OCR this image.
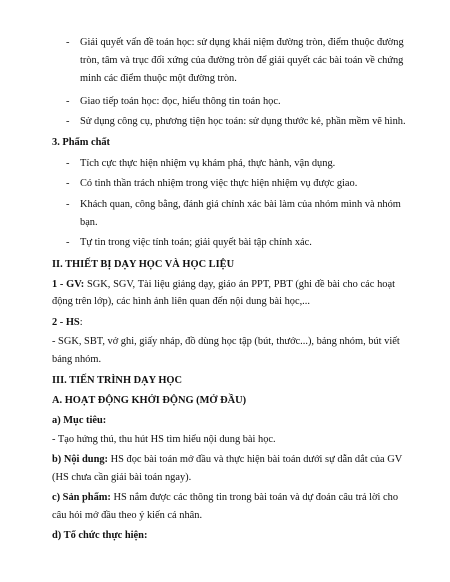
- Giải quyết vấn đề toán học: sử dụng khái niệm đường tròn, điểm thuộc đường
tròn, tâm và trục đối xứng của đường tròn để giải quyết các bài toán về chứng
minh các điểm thuộc một đường tròn.
- Giao tiếp toán học: đọc, hiểu thông tin toán học.
- Sử dụng công cụ, phương tiện học toán: sử dụng thước kẻ, phần mềm vẽ hình.
3. Phẩm chất
- Tích cực thực hiện nhiệm vụ khám phá, thực hành, vận dụng.
- Có tinh thần trách nhiệm trong việc thực hiện nhiệm vụ được giao.
- Khách quan, công bằng, đánh giá chính xác bài làm của nhóm mình và nhóm
bạn.
- Tự tin trong việc tính toán; giải quyết bài tập chính xác.
II. THIẾT BỊ DẠY HỌC VÀ HỌC LIỆU
1 - GV: SGK, SGV, Tài liệu giảng dạy, giáo án PPT, PBT (ghi đề bài cho các hoạt
động trên lớp), các hình ảnh liên quan đến nội dung bài học,...
2 - HS:
- SGK, SBT, vở ghi, giấy nháp, đồ dùng học tập (bút, thước...), bảng nhóm, bút viết
bảng nhóm.
III. TIẾN TRÌNH DẠY HỌC
A. HOẠT ĐỘNG KHỞI ĐỘNG (MỞ ĐẦU)
a) Mục tiêu:
- Tạo hứng thú, thu hút HS tìm hiểu nội dung bài học.
b) Nội dung: HS đọc bài toán mở đầu và thực hiện bài toán dưới sự dẫn dắt của GV
(HS chưa cần giải bài toán ngay).
c) Sản phẩm: HS nắm được các thông tin trong bài toán và dự đoán câu trả lời cho
câu hỏi mở đầu theo ý kiến cá nhân.
d) Tổ chức thực hiện:
